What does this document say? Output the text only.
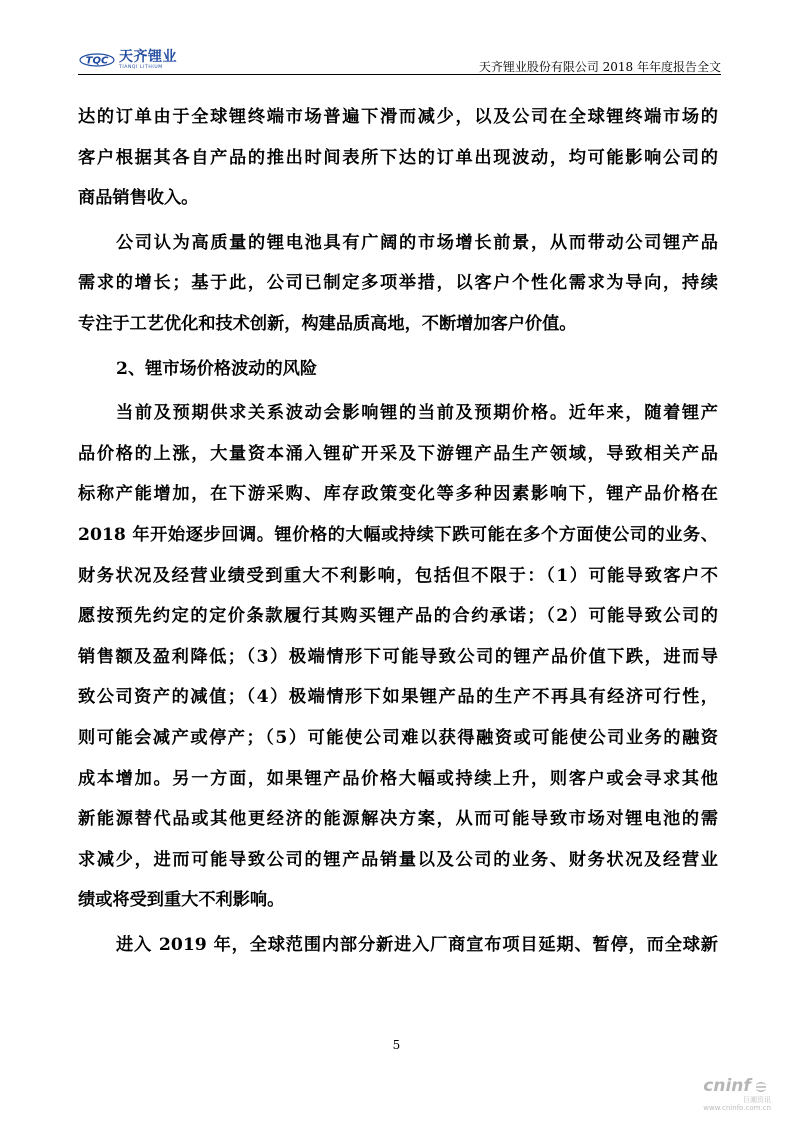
TQC 天齐锂业
TIANQI LITHIUM	天齐锂业股份有限公司 2018 年年度报告全文

达的订单由于全球锂终端市场普遍下滑而减少，以及公司在全球锂终端市场的
客户根据其各自产品的推出时间表所下达的订单出现波动，均可能影响公司的

商品销售收入。

公司认为高质量的锂电池具有广阔的市场增长前景，从而带动公司锂产品
需求的增长；基于此，公司已制定多项举措，以客户个性化需求为导向，持续

专注于工艺优化和技术创新，构建品质高地，不断增加客户价值。

2、锂市场价格波动的风险

当前及预期供求关系波动会影响锂的当前及预期价格。近年来，随着锂产
品价格的上涨，大量资本涌入锂矿开采及下游锂产品生产领域，导致相关产品
标称产能增加，在下游采购、库存政策变化等多种因素影响下，锂产品价格在
2018 年开始逐步回调。锂价格的大幅或持续下跌可能在多个方面使公司的业务、
财务状况及经营业绩受到重大不利影响，包括但不限于：（1）可能导致客户不
愿按预先约定的定价条款履行其购买锂产品的合约承诺；（2）可能导致公司的
销售额及盈利降低；（3）极端情形下可能导致公司的锂产品价值下跌，进而导
致公司资产的减值；（4）极端情形下如果锂产品的生产不再具有经济可行性，
则可能会减产或停产；（5）可能使公司难以获得融资或可能使公司业务的融资
成本增加。另一方面，如果锂产品价格大幅或持续上升，则客户或会寻求其他
新能源替代品或其他更经济的能源解决方案，从而可能导致市场对锂电池的需
求减少，进而可能导致公司的锂产品销量以及公司的业务、财务状况及经营业

绩或将受到重大不利影响。

进入 2019 年，全球范围内部分新进入厂商宣布项目延期、暂停，而全球新

5
cninf
巨潮资讯
www.cninfo.com.cn
